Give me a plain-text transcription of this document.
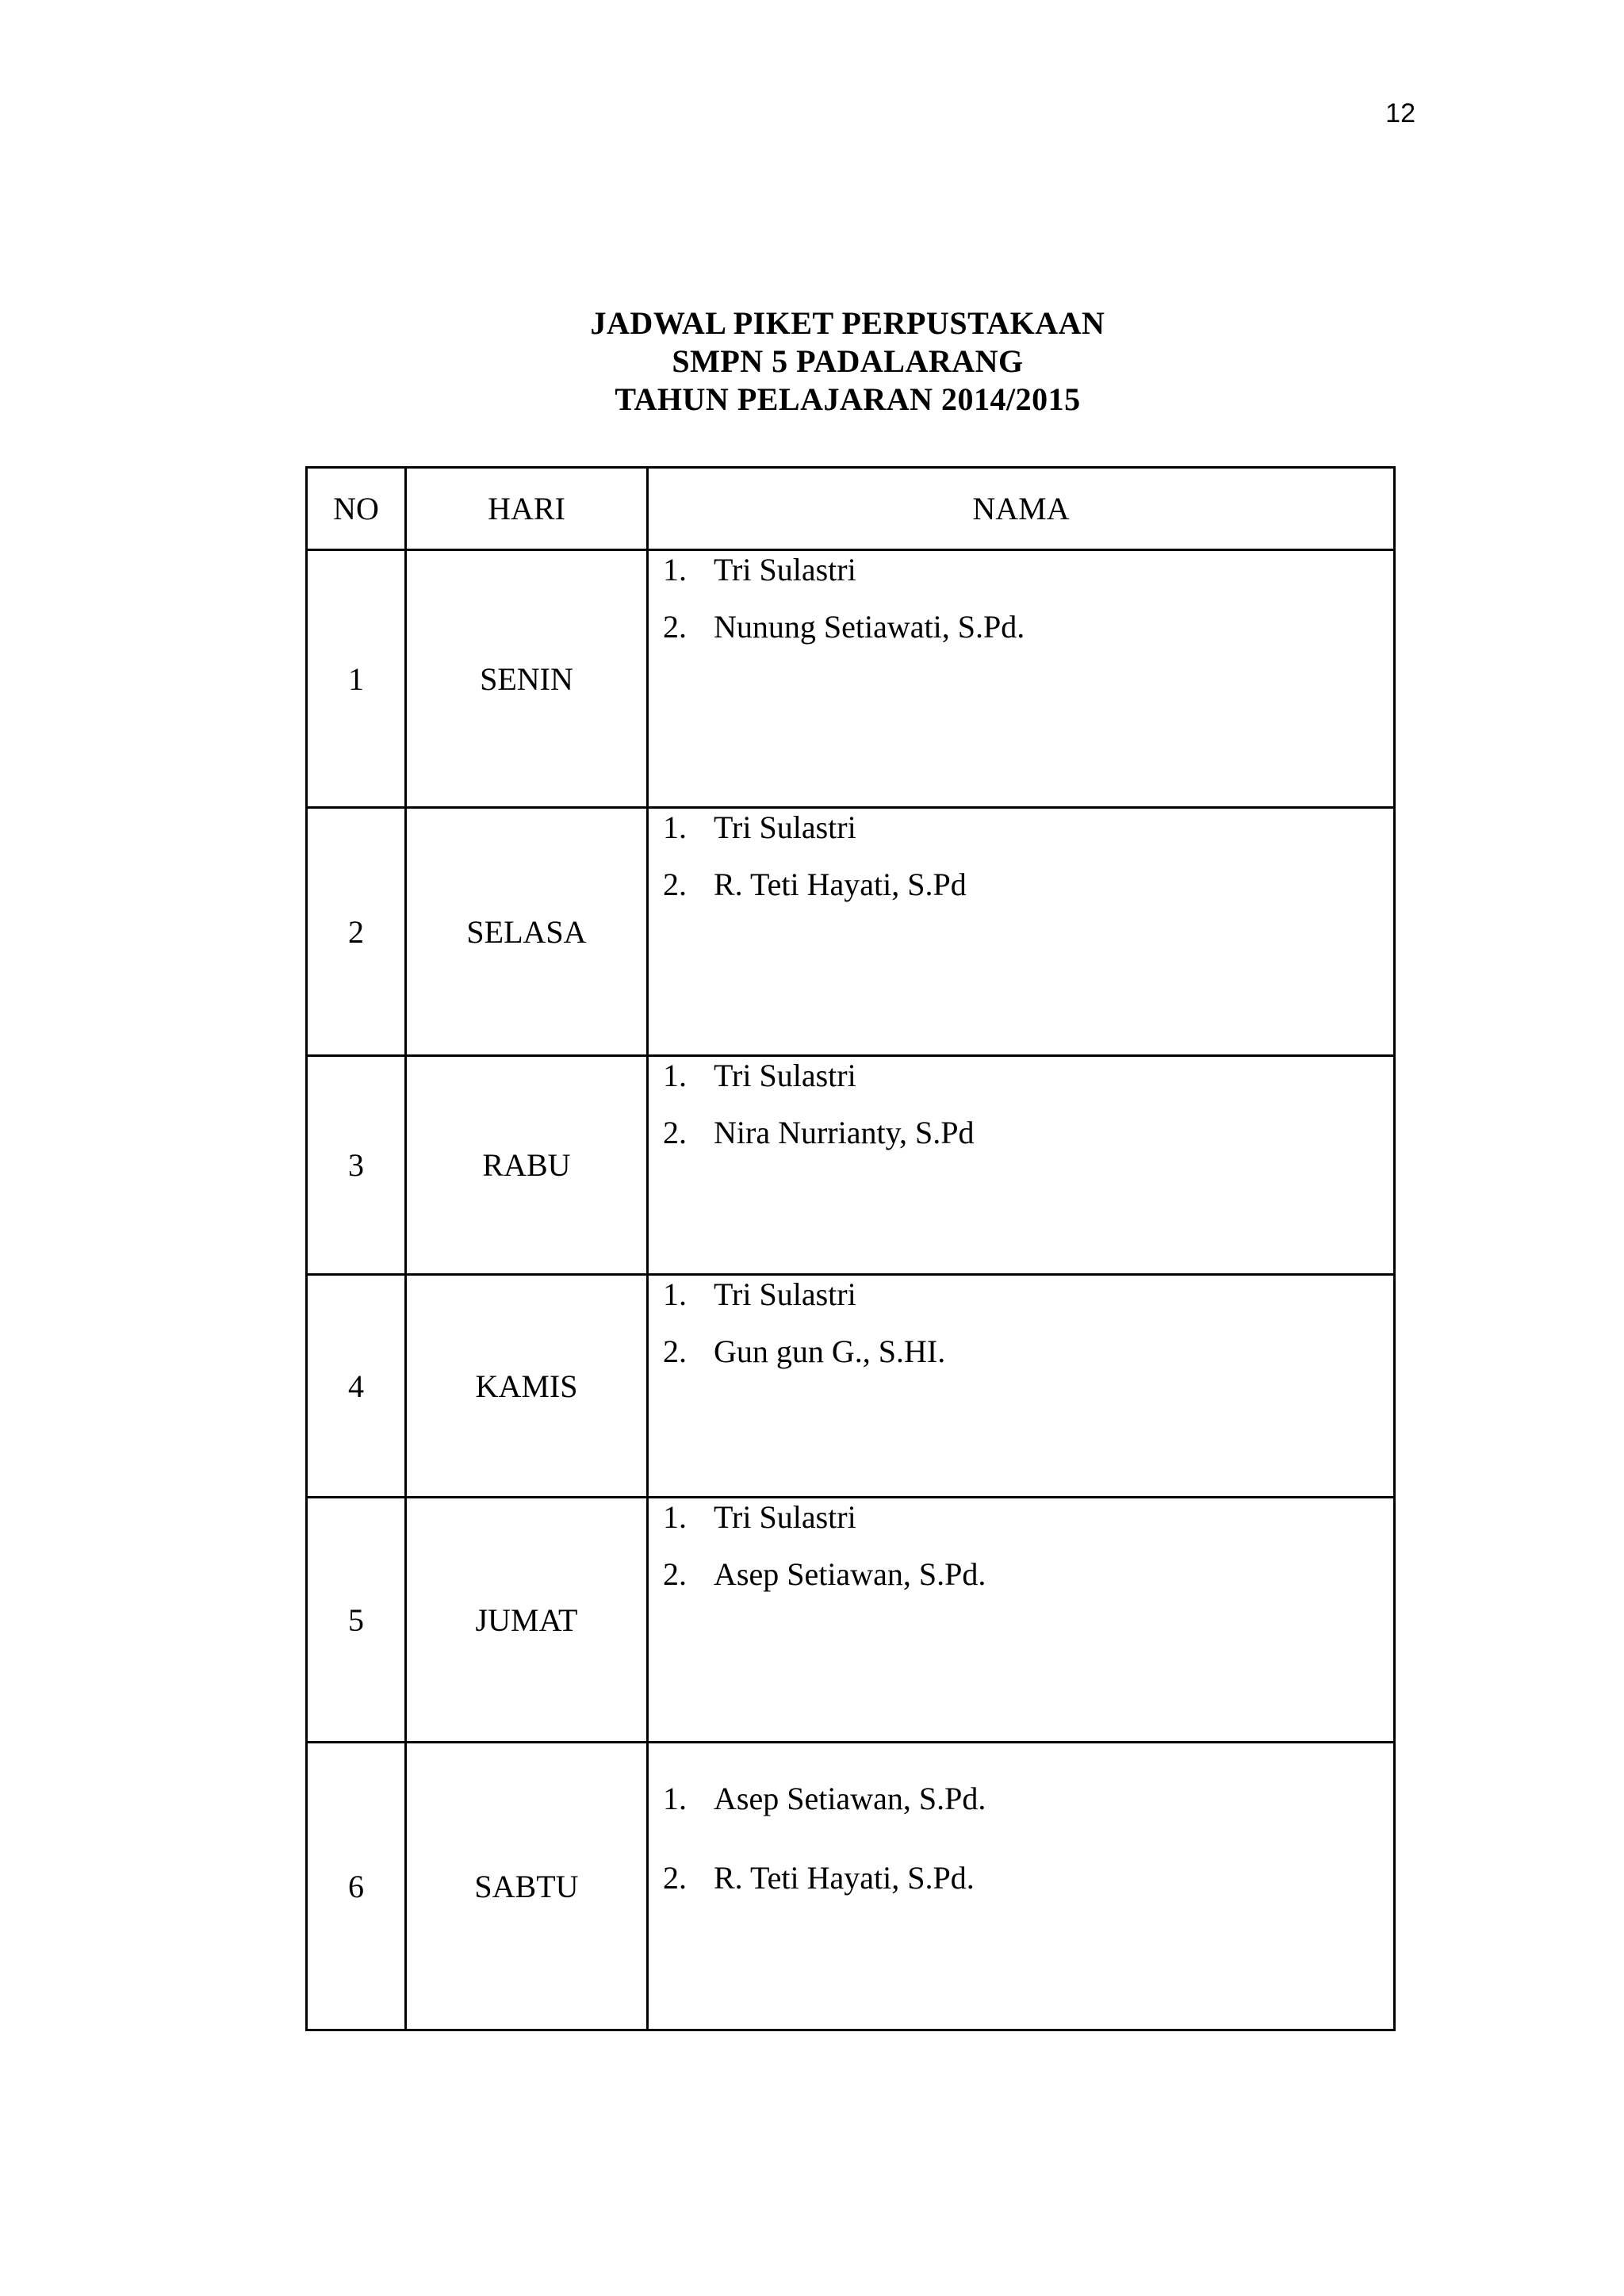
12
JADWAL PIKET PERPUSTAKAAN
SMPN 5 PADALARANG
TAHUN PELAJARAN 2014/2015
NO	HARI	NAMA
1	SENIN	1. Tri Sulastri
2. Nunung Setiawati, S.Pd.

2	SELASA	1. Tri Sulastri
2. R. Teti Hayati, S.Pd

3	RABU	1. Tri Sulastri
2. Nira Nurrianty, S.Pd

4	KAMIS	1. Tri Sulastri
2. Gun gun G., S.HI.

5	JUMAT	1. Tri Sulastri
2. Asep Setiawan, S.Pd.

6	SABTU	1. Asep Setiawan, S.Pd.
2. R. Teti Hayati, S.Pd.
